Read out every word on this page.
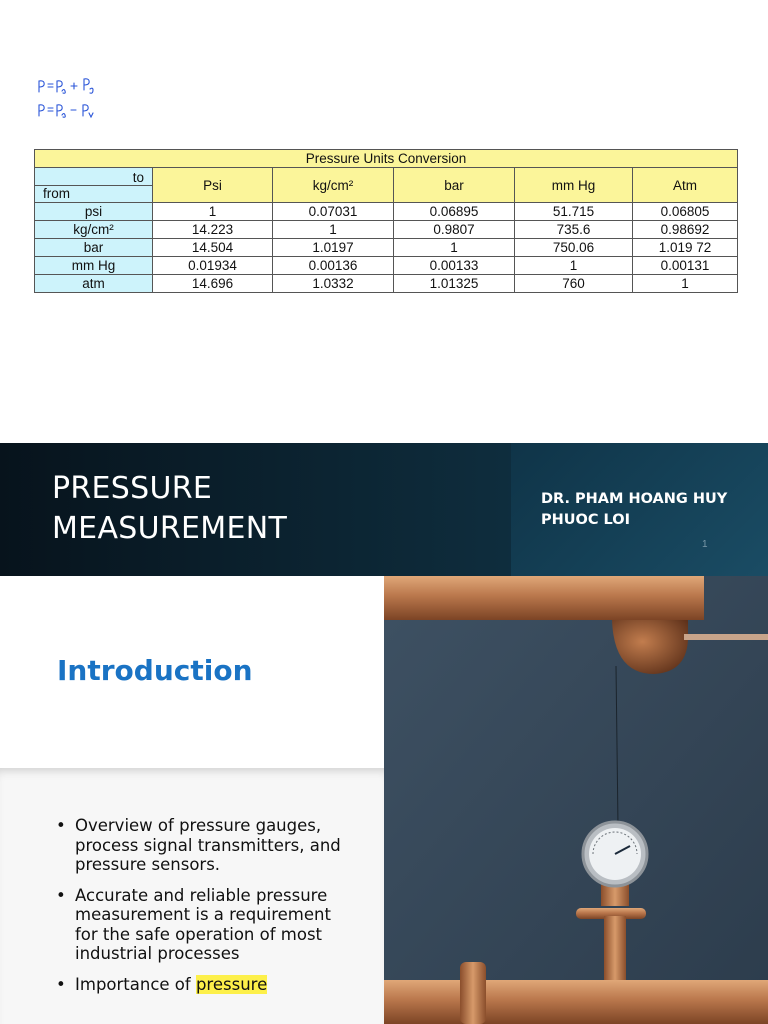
Pressure Units Conversion					

to
from	Psi	kg/cm²	bar	mm Hg	Atm
psi	1	0.07031	0.06895	51.715	0.06805
kg/cm²	14.223	1	0.9807	735.6	0.98692
bar	14.504	1.0197	1	750.06	1.019 72
mm Hg	0.01934	0.00136	0.00133	1	0.00131
atm	14.696	1.0332	1.01325	760	1
PRESSURE
MEASUREMENT
DR. PHAM HOANG HUY
PHUOC LOI
1
Introduction
• Overview of pressure gauges, process signal transmitters, and pressure sensors.
• Accurate and reliable pressure measurement is a requirement for the safe operation of most industrial processes
• Importance of pressure
